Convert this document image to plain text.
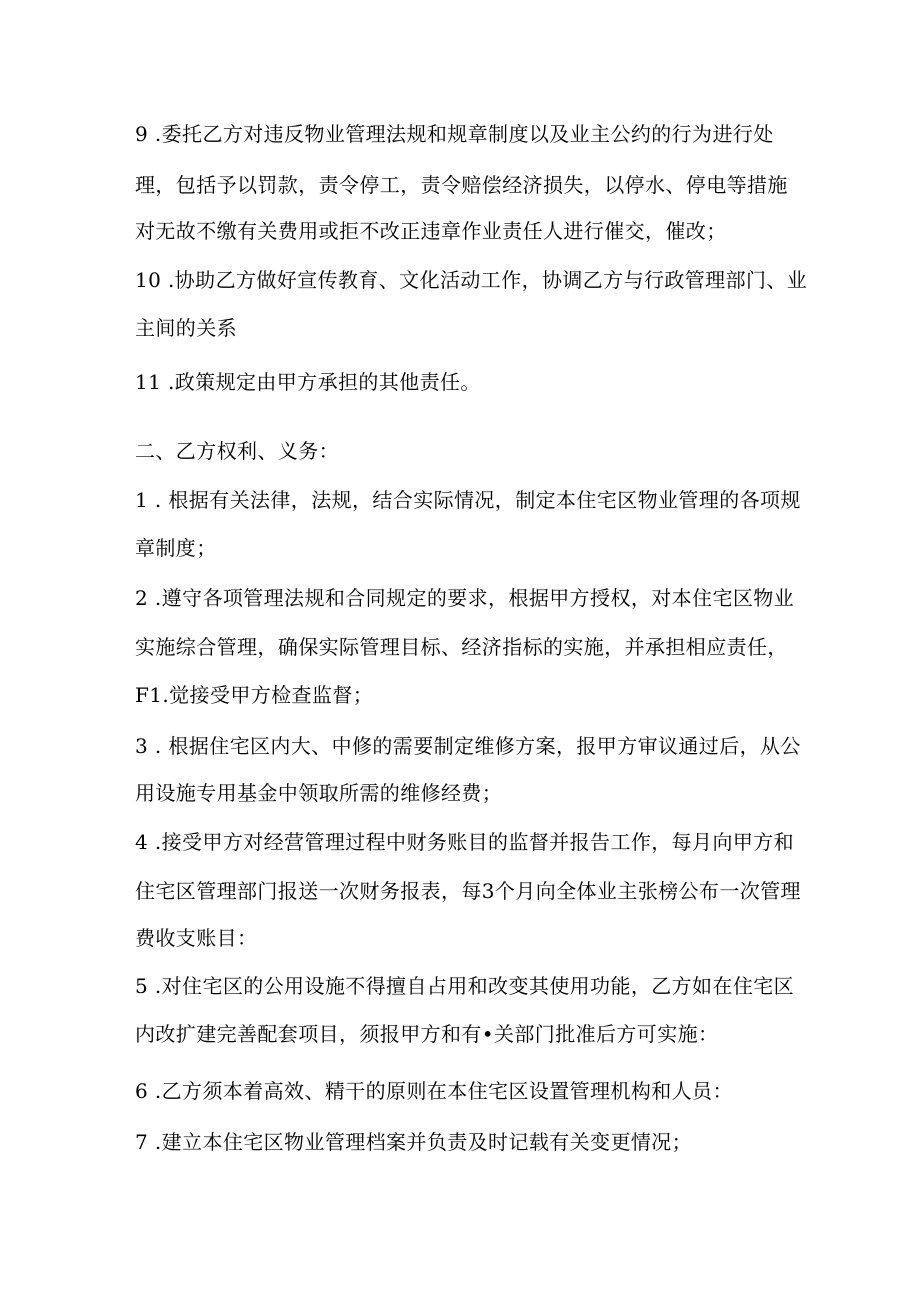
9 .委托乙方对违反物业管理法规和规章制度以及业主公约的行为进行处
理，包括予以罚款，责令停工，责令赔偿经济损失，以停水、停电等措施
对无故不缴有关费用或拒不改正违章作业责任人进行催交，催改；
10 .协助乙方做好宣传教育、文化活动工作，协调乙方与行政管理部门、业
主间的关系
11 .政策规定由甲方承担的其他责任。
二、乙方权利、义务：
1 . 根据有关法律，法规，结合实际情况，制定本住宅区物业管理的各项规
章制度；
2 .遵守各项管理法规和合同规定的要求，根据甲方授权，对本住宅区物业
实施综合管理，确保实际管理目标、经济指标的实施，并承担相应责任，
F1.觉接受甲方检查监督；
3 . 根据住宅区内大、中修的需要制定维修方案，报甲方审议通过后，从公
用设施专用基金中领取所需的维修经费；
4 .接受甲方对经营管理过程中财务账目的监督并报告工作，每月向甲方和
住宅区管理部门报送一次财务报表，每3个月向全体业主张榜公布一次管理
费收支账目：
5 .对住宅区的公用设施不得擅自占用和改变其使用功能，乙方如在住宅区
内改扩建完善配套项目，须报甲方和有•关部门批准后方可实施：
6 .乙方须本着高效、精干的原则在本住宅区设置管理机构和人员：
7 .建立本住宅区物业管理档案并负责及时记载有关变更情况；
